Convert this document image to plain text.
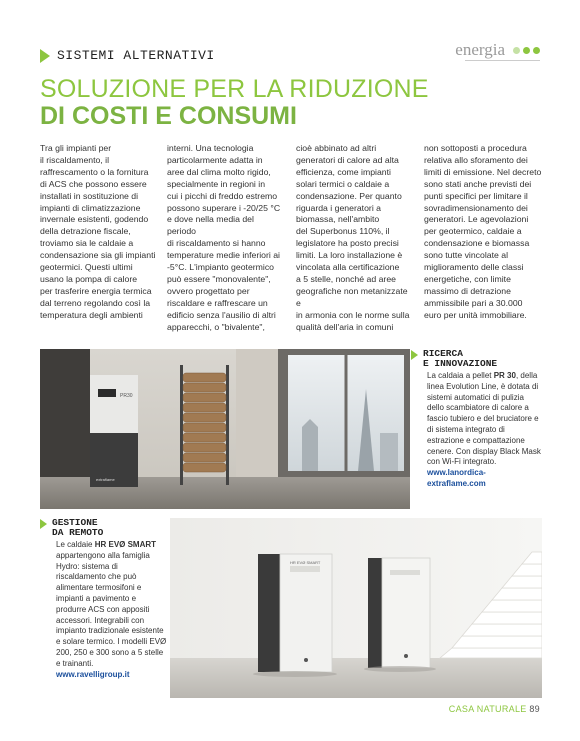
SISTEMI ALTERNATIVI	energia
SOLUZIONE PER LA RIDUZIONE
DI COSTI E CONSUMI
Tra gli impianti per
il riscaldamento, il
raffrescamento o la fornitura
di ACS che possono essere
installati in sostituzione di
impianti di climatizzazione
invernale esistenti, godendo
della detrazione fiscale,
troviamo sia le caldaie a
condensazione sia gli impianti
geotermici. Questi ultimi
usano la pompa di calore
per trasferire energia termica
dal terreno regolando così la
temperatura degli ambienti
interni. Una tecnologia
particolarmente adatta in
aree dal clima molto rigido,
specialmente in regioni in
cui i picchi di freddo estremo
possono superare i -20/25 °C
e dove nella media del periodo
di riscaldamento si hanno
temperature medie inferiori ai
-5°C. L'impianto geotermico
può essere "monovalente",
ovvero progettato per
riscaldare e raffrescare un
edificio senza l'ausilio di altri
apparecchi, o "bivalente",
cioè abbinato ad altri
generatori di calore ad alta
efficienza, come impianti
solari termici o caldaie a
condensazione. Per quanto
riguarda i generatori a
biomassa, nell'ambito
del Superbonus 110%, il
legislatore ha posto precisi
limiti. La loro installazione è
vincolata alla certificazione
a 5 stelle, nonché ad aree
geografiche non metanizzate e
in armonia con le norme sulla
qualità dell'aria in comuni
non sottoposti a procedura
relativa allo sforamento dei
limiti di emissione. Nel decreto
sono stati anche previsti dei
punti specifici per limitare il
sovradimensionamento dei
generatori. Le agevolazioni
per geotermico, caldaie a
condensazione e biomassa
sono tutte vincolate al
miglioramento delle classi
energetiche, con limite
massimo di detrazione
ammissibile pari a 30.000
euro per unità immobiliare.
PR30
extraflame
RICERCA
E INNOVAZIONE
La caldaia a pellet PR 30, della linea Evolution Line, è dotata di sistemi automatici di pulizia dello scambiatore di calore a fascio tubiero e del bruciatore e di sistema integrato di estrazione e compattazione cenere. Con display Black Mask con Wi-Fi integrato.
www.lanordica-extraflame.com
HR EVØ SMART
GESTIONE
DA REMOTO
Le caldaie HR EVØ SMART appartengono alla famiglia Hydro: sistema di riscaldamento che può alimentare termosifoni e impianti a pavimento e produrre ACS con appositi accessori. Integrabili con impianto tradizionale esistente e solare termico. I modelli EVØ 200, 250 e 300 sono a 5 stelle e trainanti.
www.ravelligroup.it
CASA NATURALE 89
